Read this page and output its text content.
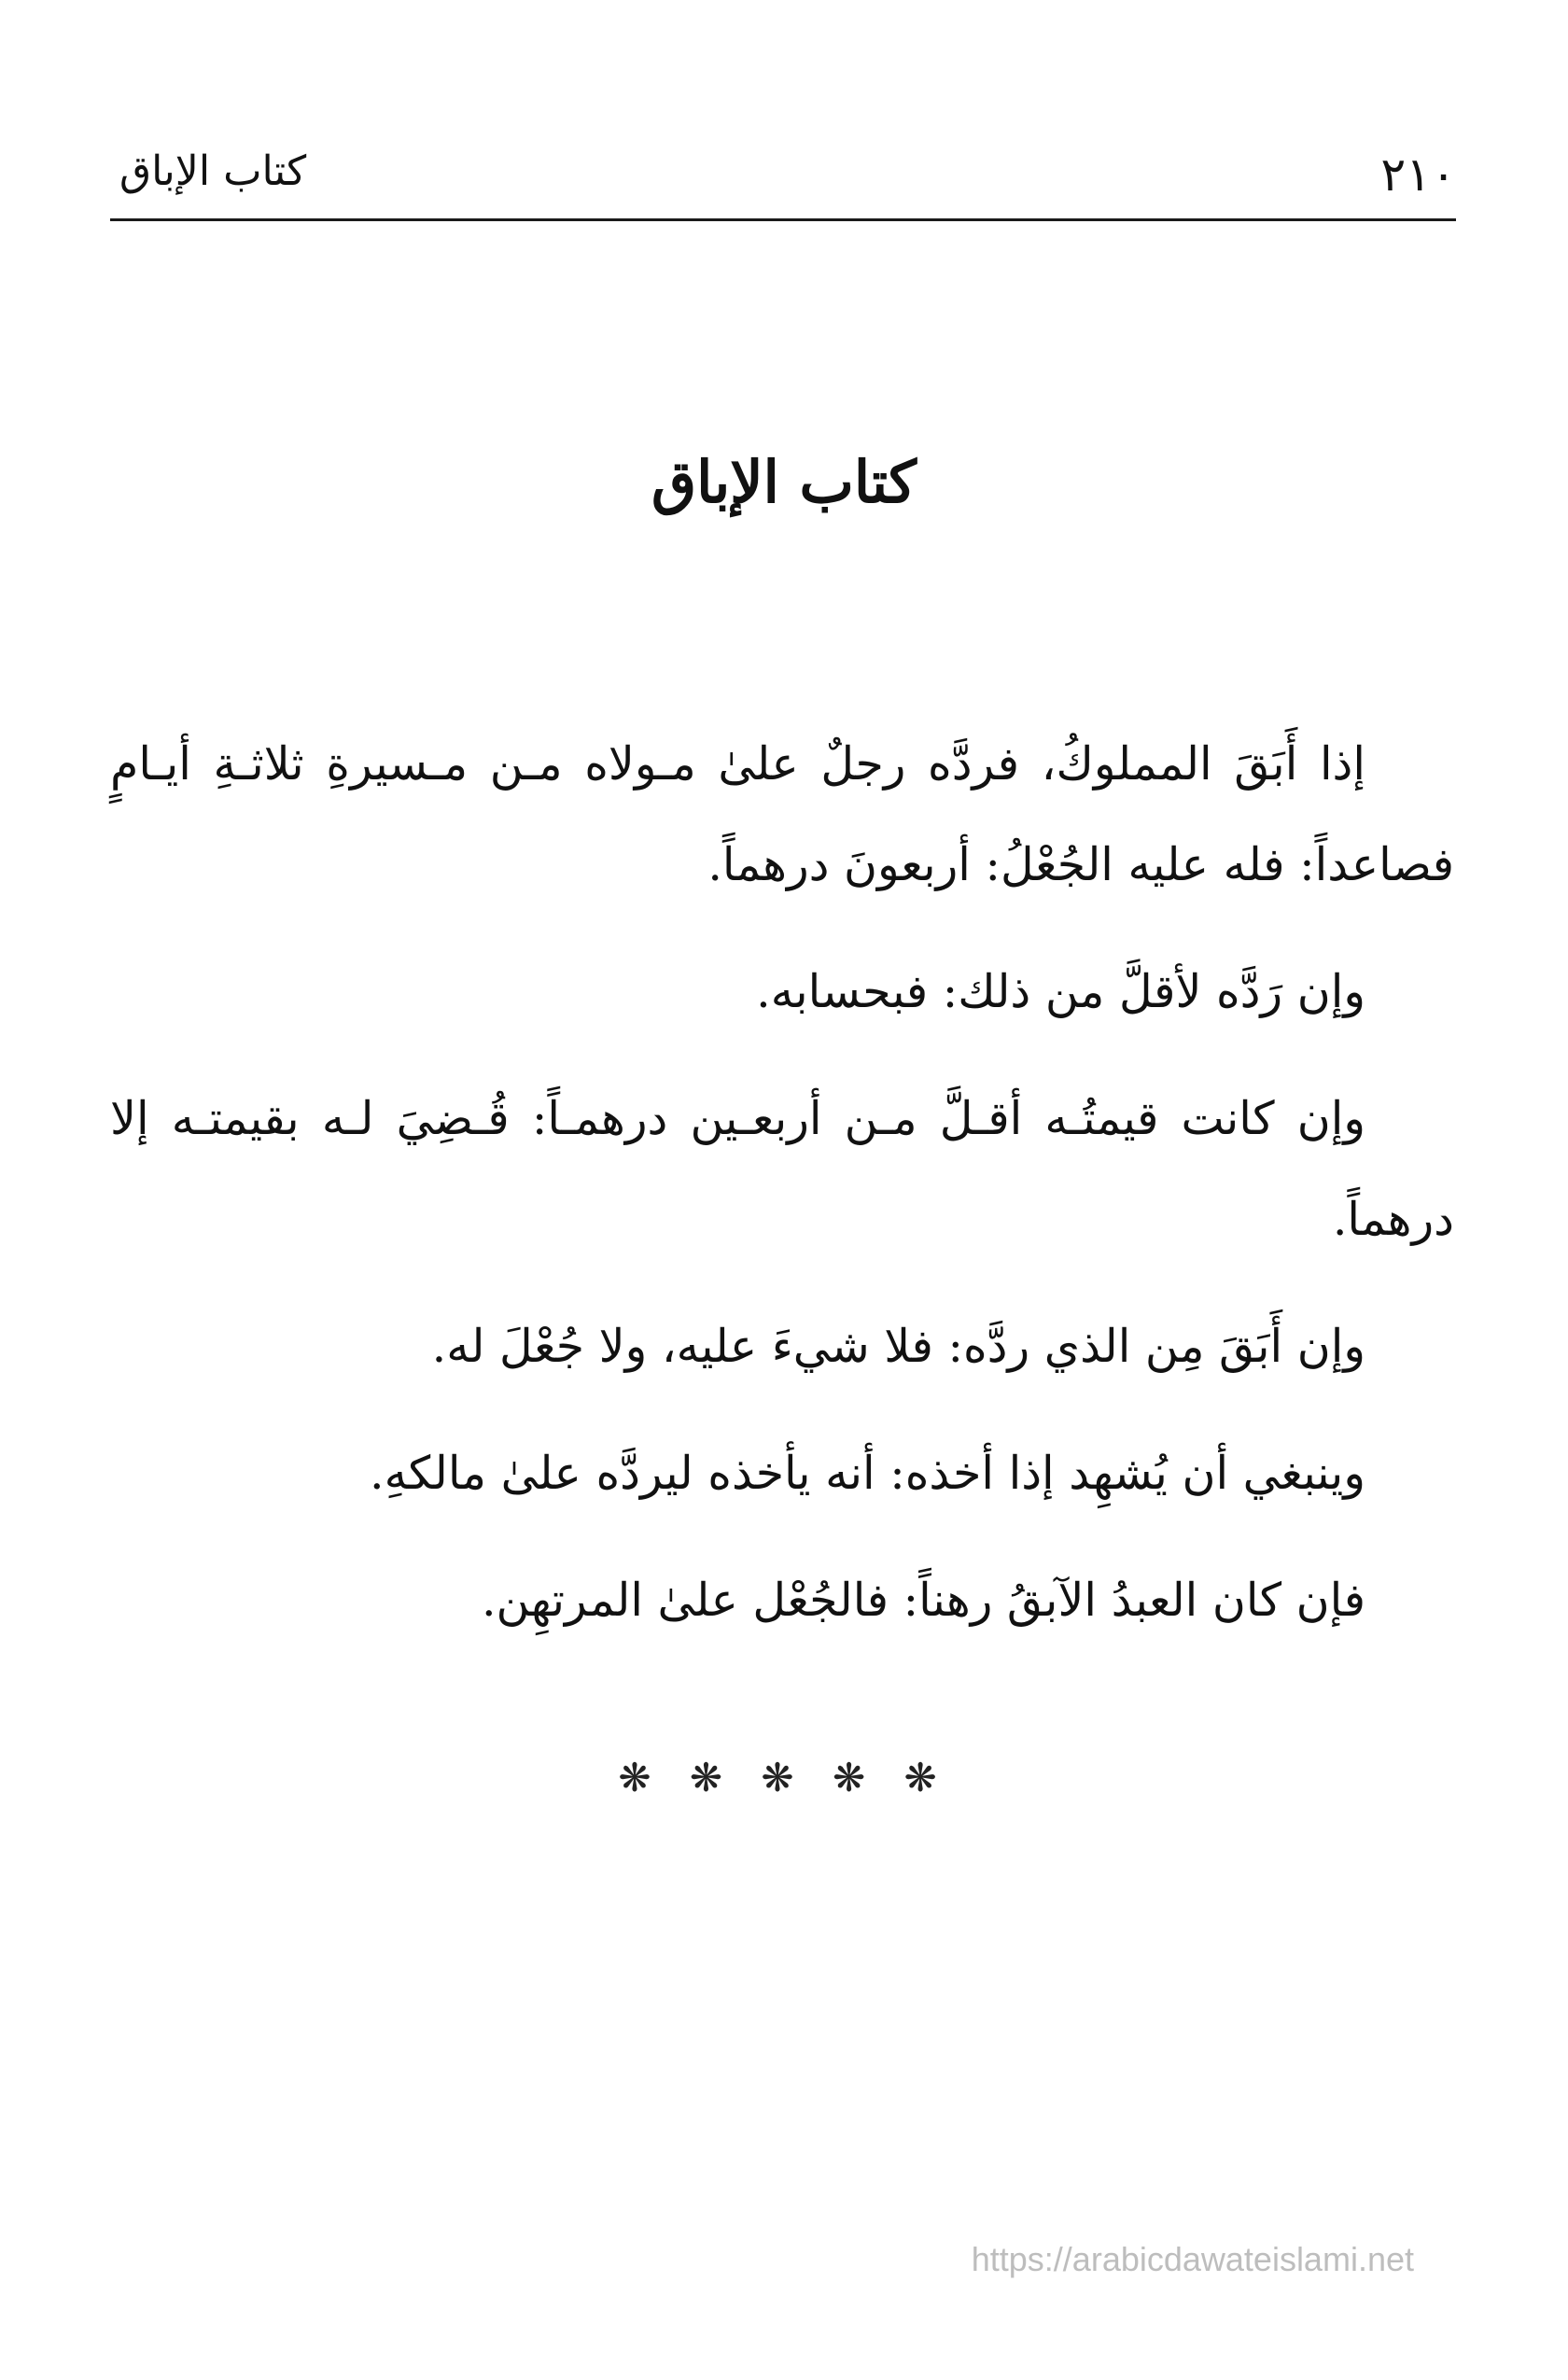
٢١٠
كتاب الإباق
كتاب الإباق

إذا أَبَقَ المملوكُ، فردَّه رجلٌ علىٰ مـولاه مـن مـسيرةِ ثلاثـةِ أيـامٍ فصاعداً: فله عليه الجُعْلُ: أربعونَ درهماً.

وإن رَدَّه لأقلَّ من ذلك: فبحسابه.

وإن كانت قيمتُـه أقـلَّ مـن أربعـين درهمـاً: قُـضِيَ لـه بقيمتـه إلا درهماً.

وإن أَبَقَ مِن الذي ردَّه: فلا شيءَ عليه، ولا جُعْلَ له.

وينبغي أن يُشهِد إذا أخذه: أنه يأخذه ليردَّه علىٰ مالكهِ.

فإن كان العبدُ الآبقُ رهناً: فالجُعْل علىٰ المرتهِن.

❋ ❋ ❋ ❋ ❋
https://arabicdawateislami.net
